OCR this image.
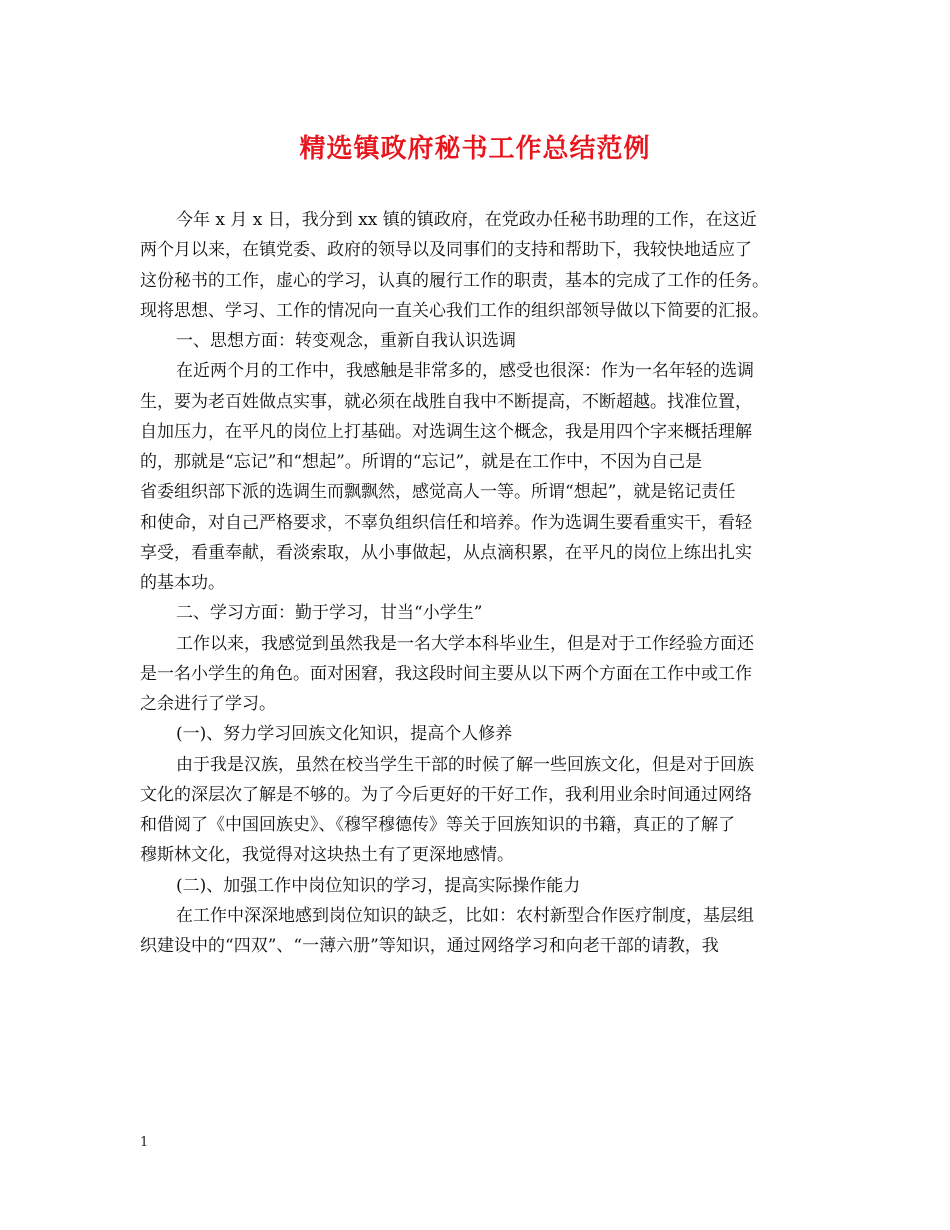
精选镇政府秘书工作总结范例
今年 x 月 x 日，我分到 xx 镇的镇政府，在党政办任秘书助理的工作，在这近
两个月以来，在镇党委、政府的领导以及同事们的支持和帮助下，我较快地适应了
这份秘书的工作，虚心的学习，认真的履行工作的职责，基本的完成了工作的任务。
现将思想、学习、工作的情况向一直关心我们工作的组织部领导做以下简要的汇报。
一、思想方面：转变观念，重新自我认识选调
在近两个月的工作中，我感触是非常多的，感受也很深：作为一名年轻的选调
生，要为老百姓做点实事，就必须在战胜自我中不断提高，不断超越。找准位置，
自加压力，在平凡的岗位上打基础。对选调生这个概念，我是用四个字来概括理解
的，那就是“忘记”和“想起”。所谓的“忘记”，就是在工作中，不因为自己是
省委组织部下派的选调生而飘飘然，感觉高人一等。所谓“想起”，就是铭记责任
和使命，对自己严格要求，不辜负组织信任和培养。作为选调生要看重实干，看轻
享受，看重奉献，看淡索取，从小事做起，从点滴积累，在平凡的岗位上练出扎实
的基本功。
二、学习方面：勤于学习，甘当“小学生”
工作以来，我感觉到虽然我是一名大学本科毕业生，但是对于工作经验方面还
是一名小学生的角色。面对困窘，我这段时间主要从以下两个方面在工作中或工作
之余进行了学习。
(一)、努力学习回族文化知识，提高个人修养
由于我是汉族，虽然在校当学生干部的时候了解一些回族文化，但是对于回族
文化的深层次了解是不够的。为了今后更好的干好工作，我利用业余时间通过网络
和借阅了《中国回族史》、《穆罕穆德传》等关于回族知识的书籍，真正的了解了
穆斯林文化，我觉得对这块热土有了更深地感情。
(二)、加强工作中岗位知识的学习，提高实际操作能力
在工作中深深地感到岗位知识的缺乏，比如：农村新型合作医疗制度，基层组
织建设中的“四双”、“一薄六册”等知识，通过网络学习和向老干部的请教，我
1
